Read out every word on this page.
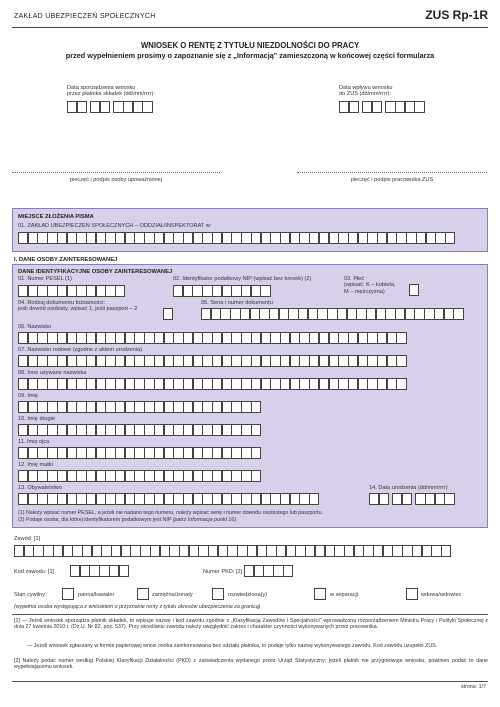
ZAKŁAD UBEZPIECZEŃ SPOŁECZNYCH	ZUS Rp-1R
WNIOSEK O RENTĘ Z TYTUŁU NIEZDOLNOŚCI DO PRACY
przed wypełnieniem prosimy o zapoznanie się z „Informacją" zamieszczoną w końcowej części formularza
Data sporządzenia wniosku
przez płatnika składek (dd/mm/rrrr):
Data wpływu wniosku
do ZUS (dd/mm/rrrr):
pieczęć i podpis osoby upoważnionej	pieczęć i podpis pracownika ZUS
MIEJSCE ZŁOŻENIA PISMA
01. ZAKŁAD UBEZPIECZEŃ SPOŁECZNYCH – ODDZIAŁ/INSPEKTORAT w:
I. DANE OSOBY ZAINTERESOWANEJ
DANE IDENTYFIKACYJNE OSOBY ZAINTERESOWANEJ
01. Numer PESEL (1)	02. Identyfikator podatkowy NIP (wpisać bez kresek) (2)	03. Płeć
(wpisać: K – kobieta,
M – mężczyzna)
04. Rodzaj dokumentu tożsamości:
jeśli dowód osobisty, wpisać 1, jeśli paszport – 2
05. Seria i numer dokumentu
06. Nazwisko
07. Nazwisko rodowe (zgodne z aktem urodzenia)
08. Inne używane nazwiska
09. Imię
10. Imię drugie
11. Imię ojca
12. Imię matki
13. Obywatelstwo	14. Data urodzenia (dd/mm/rrrr)
(1) Należy wpisać numer PESEL, a jeżeli nie nadano tego numeru, należy wpisać serię i numer dowodu osobistego lub paszportu.
(2) Podaje osoba, dla której identyfikatorem podatkowym jest NIP (patrz Informacja punkt 16).
Zawód: [1]
Kod zawodu: [1]	Numer PKD: [2]
Stan cywilny:	panna/kawaler	zamężna/żonaty	rozwiedziona(y)	w separacji	wdowa/wdowiec
(wypełnia osoba występująca z wnioskiem o przyznanie renty z tytułu okresów ubezpieczenia za granicą)
[1] — Jeżeli wniosek sporządza płatnik składek, to wpisuje nazwę i kod zawodu zgodnie z „Klasyfikacją Zawodów i Specjalności" wprowadzoną rozporządzeniem Ministra Pracy i Polityki Społecznej z dnia 27 kwietnia 2010 r. (Dz.U. Nr 82, poz. 537). Przy określaniu zawodu należy uwzględnić zakres i charakter czynności wykonywanych przez pracownika.
— Jeżeli wniosek zgłaszany w formie papierowej wnosi osoba zainteresowana bez udziału płatnika, to podaje tylko nazwę wykonywanego zawodu. Kod zawodu uzupełni ZUS.
[2] Należy podać numer według Polskiej Klasyfikacji Działalności (PKD) z zaświadczenia wydanego przez Urząd Statystyczny; jeżeli płatnik nie przygotowuje wniosku, powinien podać to dane wypełniającemu wniosek.
strona: 1/7
